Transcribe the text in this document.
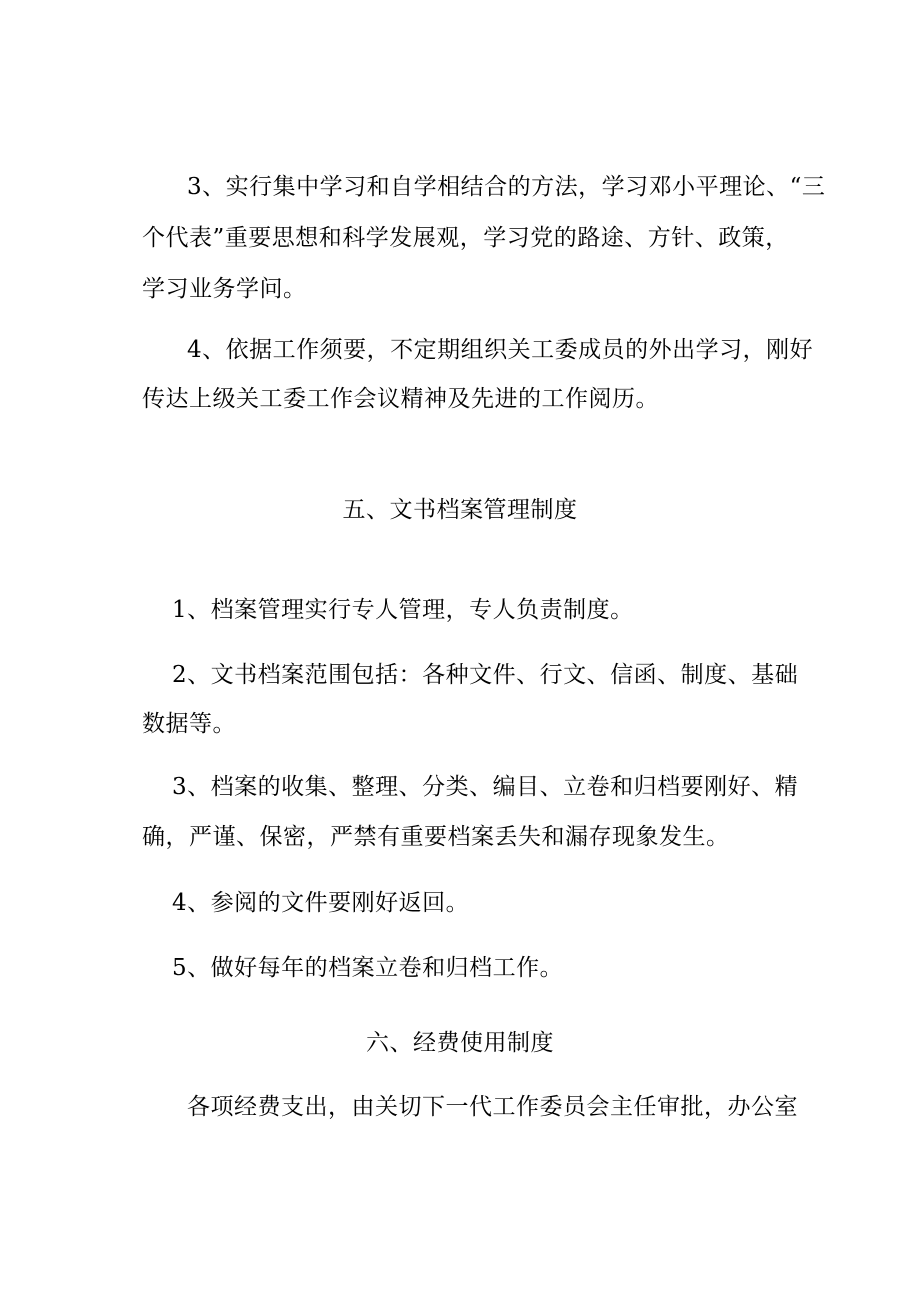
3、实行集中学习和自学相结合的方法，学习邓小平理论、“三
个代表”重要思想和科学发展观，学习党的路途、方针、政策，
学习业务学问。
4、依据工作须要，不定期组织关工委成员的外出学习，刚好
传达上级关工委工作会议精神及先进的工作阅历。
五、文书档案管理制度
1、档案管理实行专人管理，专人负责制度。
2、文书档案范围包括：各种文件、行文、信函、制度、基础
数据等。
3、档案的收集、整理、分类、编目、立卷和归档要刚好、精
确，严谨、保密，严禁有重要档案丢失和漏存现象发生。
4、参阅的文件要刚好返回。
5、做好每年的档案立卷和归档工作。
六、经费使用制度
各项经费支出，由关切下一代工作委员会主任审批，办公室
